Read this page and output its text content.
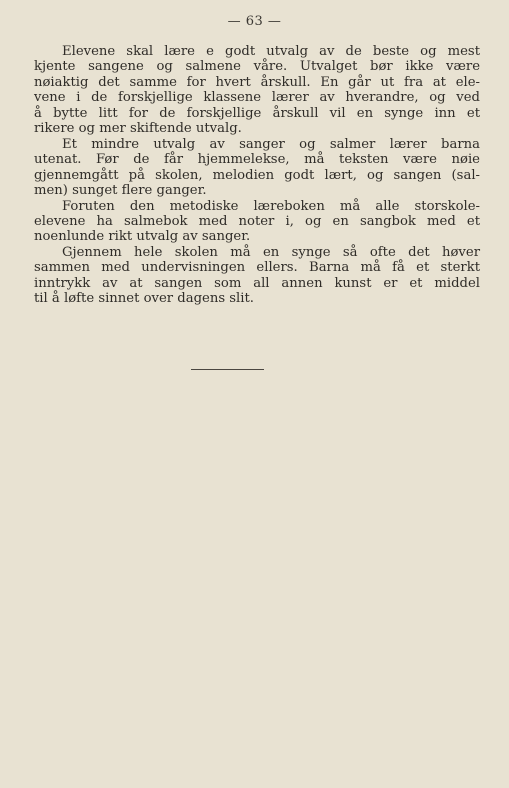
— 63 —
Elevene skal lære e godt utvalg av de beste og mest
kjente sangene og salmene våre. Utvalget bør ikke være
nøiaktig det samme for hvert årskull. En går ut fra at ele-
vene i de forskjellige klassene lærer av hverandre, og ved
å bytte litt for de forskjellige årskull vil en synge inn et
rikere og mer skiftende utvalg.
Et mindre utvalg av sanger og salmer lærer barna
utenat. Før de får hjemmelekse, må teksten være nøie
gjennemgått på skolen, melodien godt lært, og sangen (sal-
men) sunget flere ganger.
Foruten den metodiske læreboken må alle storskole-
elevene ha salmebok med noter i, og en sangbok med et
noenlunde rikt utvalg av sanger.
Gjennem hele skolen må en synge så ofte det høver
sammen med undervisningen ellers. Barna må få et sterkt
inntrykk av at sangen som all annen kunst er et middel
til å løfte sinnet over dagens slit.
